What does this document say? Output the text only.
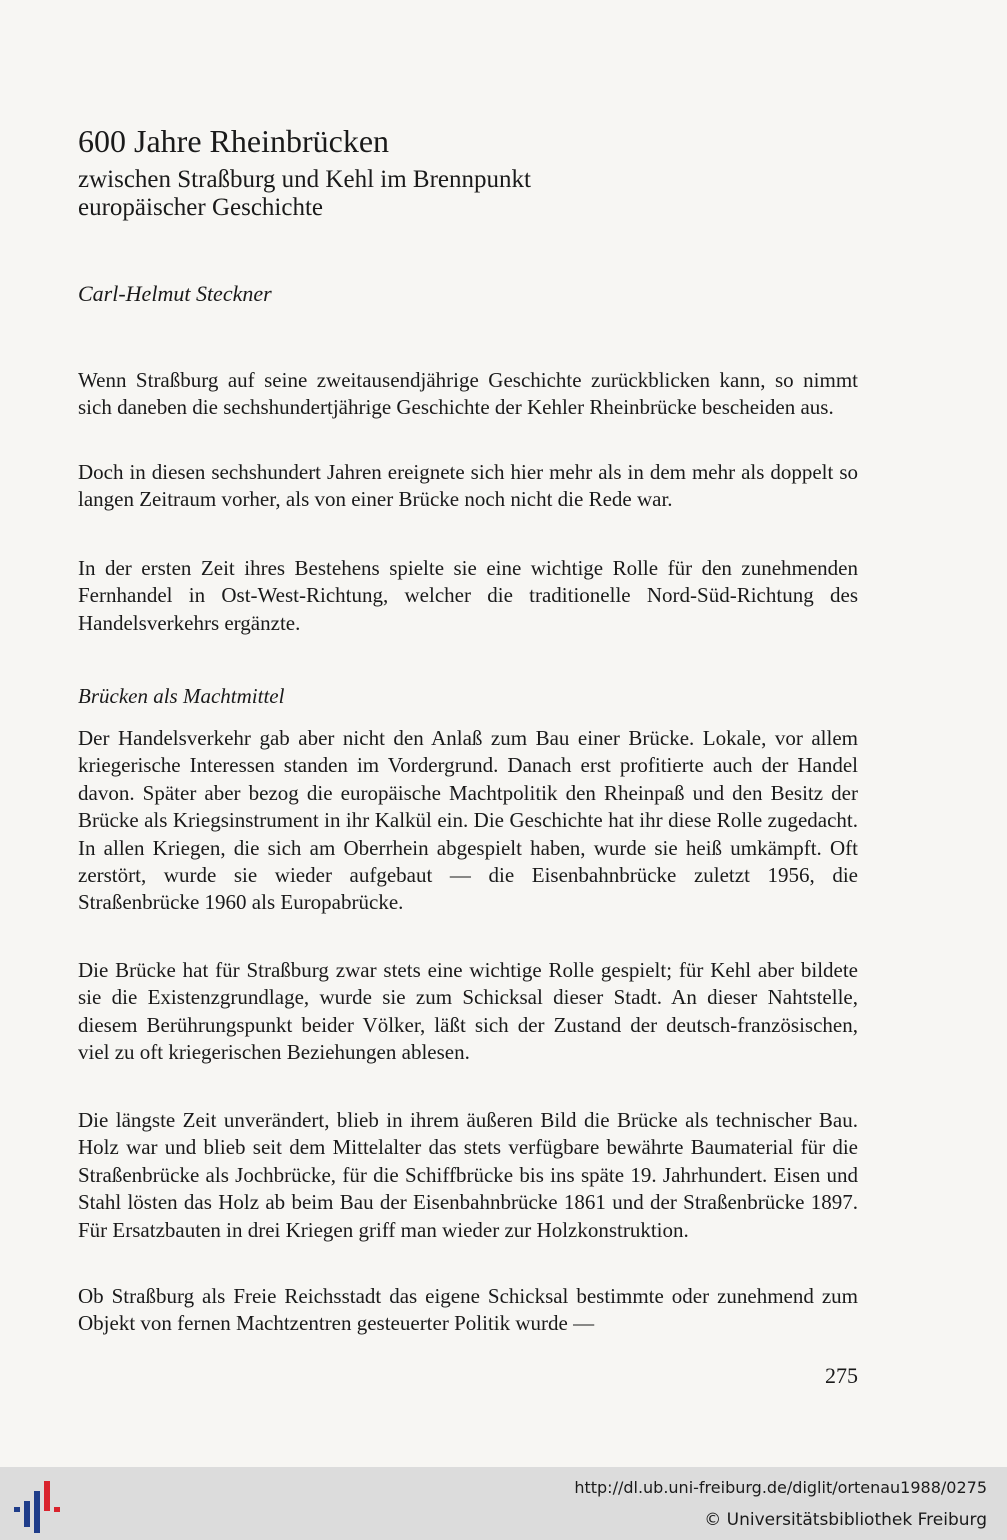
600 Jahre Rheinbrücken
zwischen Straßburg und Kehl im Brennpunkt
europäischer Geschichte
Carl-Helmut Steckner

Wenn Straßburg auf seine zweitausendjährige Geschichte zurückblicken kann, so nimmt sich daneben die sechshundertjährige Geschichte der Kehler Rheinbrücke bescheiden aus.

Doch in diesen sechshundert Jahren ereignete sich hier mehr als in dem mehr als doppelt so langen Zeitraum vorher, als von einer Brücke noch nicht die Rede war.

In der ersten Zeit ihres Bestehens spielte sie eine wichtige Rolle für den zunehmenden Fernhandel in Ost-West-Richtung, welcher die traditionelle Nord-Süd-Richtung des Handelsverkehrs ergänzte.

Brücken als Machtmittel

Der Handelsverkehr gab aber nicht den Anlaß zum Bau einer Brücke. Lokale, vor allem kriegerische Interessen standen im Vordergrund. Danach erst profitierte auch der Handel davon. Später aber bezog die europäische Machtpolitik den Rheinpaß und den Besitz der Brücke als Kriegsinstrument in ihr Kalkül ein. Die Geschichte hat ihr diese Rolle zugedacht. In allen Kriegen, die sich am Oberrhein abgespielt haben, wurde sie heiß umkämpft. Oft zerstört, wurde sie wieder aufgebaut — die Eisenbahnbrücke zuletzt 1956, die Straßenbrücke 1960 als Europabrücke.

Die Brücke hat für Straßburg zwar stets eine wichtige Rolle gespielt; für Kehl aber bildete sie die Existenzgrundlage, wurde sie zum Schicksal dieser Stadt. An dieser Nahtstelle, diesem Berührungspunkt beider Völker, läßt sich der Zustand der deutsch-französischen, viel zu oft kriegerischen Beziehungen ablesen.

Die längste Zeit unverändert, blieb in ihrem äußeren Bild die Brücke als technischer Bau. Holz war und blieb seit dem Mittelalter das stets verfügbare bewährte Baumaterial für die Straßenbrücke als Jochbrücke, für die Schiffbrücke bis ins späte 19. Jahrhundert. Eisen und Stahl lösten das Holz ab beim Bau der Eisenbahnbrücke 1861 und der Straßenbrücke 1897. Für Ersatzbauten in drei Kriegen griff man wieder zur Holzkonstruktion.

Ob Straßburg als Freie Reichsstadt das eigene Schicksal bestimmte oder zunehmend zum Objekt von fernen Machtzentren gesteuerter Politik wurde —

275
http://dl.ub.uni-freiburg.de/diglit/ortenau1988/0275
© Universitätsbibliothek Freiburg
